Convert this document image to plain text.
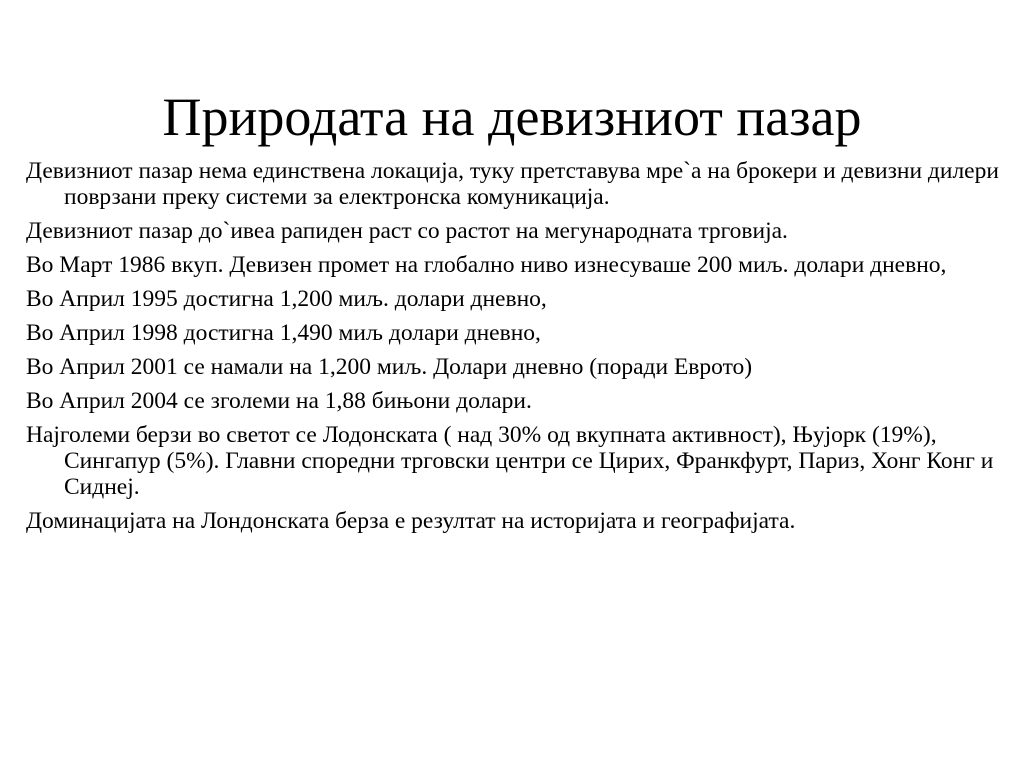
Природата на девизниот пазар
Девизниот пазар нема единствена локација, туку претставува мре`а на брокери и девизни дилери поврзани преку системи за електронска комуникација.
Девизниот пазар до`ивеа рапиден раст со растот на мегународната трговија.
Во Март 1986 вкуп. Девизен промет на глобално ниво изнесуваше 200 миљ. долари дневно,
Во Април 1995 достигна 1,200 миљ. долари дневно,
Во Април 1998 достигна 1,490 миљ долари дневно,
Во Април 2001 се намали на 1,200 миљ. Долари дневно (поради Еврото)
Во Април 2004 се зголеми на 1,88 бињони долари.
Најголеми берзи во светот се Лодонската ( над 30% од вкупната активност), Њујорк (19%), Сингапур (5%). Главни споредни трговски центри се Цирих, Франкфурт, Париз, Хонг Конг и Сиднеј.
Доминацијата на Лондонската берза е резултат на историјата и географијата.
